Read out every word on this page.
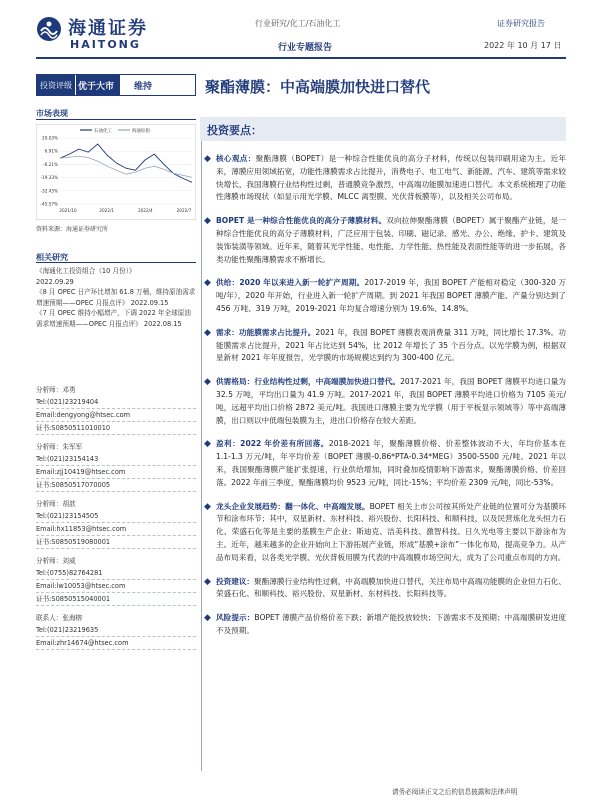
海通证券
HAITONG
行业研究/化工/石油化工
行业专题报告
证券研究报告
2022 年 10 月 17 日
投资评级 优于大市	维持	聚酯薄膜：中高端膜加快进口替代
市场表现
石油化工	海通综指
20.03%
6.91%
-6.21%
-19.33%
-32.45%
-45.57%
2021/10	2022/1	2022/4	2022/7
资料来源：海通证券研究所
相关研究
《海通化工投资组合（10 月份）》
2022.09.29
《8 月 OPEC 日产环比增加 61.8 万桶，维持原油需求增速预期——OPEC 月报点评》 2022.09.15
《7 月 OPEC 维持小幅增产，下调 2022 年全球原油需求增速预期——OPEC 月报点评》 2022.08.15
分析师：邓勇
Tel:(021)23219404
Email:dengyong@htsec.com
证书:S0850511010010
分析师：朱军军
Tel:(021)23154143
Email:zjj10419@htsec.com
证书:S0850517070005
分析师：胡歆
Tel:(021)23154505
Email:hx11853@htsec.com
证书:S0850519080001
分析师：刘威
Tel:(0755)82764281
Email:lw10053@htsec.com
证书:S0850515040001
联系人：张海榕
Tel:(021)23219635
Email:zhr14674@htsec.com
投资要点：
◆ 核心观点：聚酯薄膜（BOPET）是一种综合性能优良的高分子材料，传统以包装印刷用途为主。近年来，薄膜应用领域拓宽，功能性薄膜需求占比提升，消费电子、电工电气、新能源、汽车、建筑等需求较快增长，我国薄膜行业结构性过剩，普通膜竞争激烈，中高端功能膜加速进口替代。本文系统梳理了功能性薄膜市场现状（如显示用光学膜、MLCC 离型膜、光伏背板膜等），以及相关公司布局。
◆ BOPET 是一种综合性能优良的高分子薄膜材料。双向拉伸聚酯薄膜（BOPET）属于聚酯产业链，是一种综合性能优良的高分子薄膜材料，广泛应用于包装、印刷、磁记录、感光、办公、绝缘、护卡、建筑及装饰装潢等领域。近年来，随着其光学性能、电性能、力学性能、热性能及表面性能等的进一步拓展，各类功能性聚酯薄膜需求不断增长。
◆ 供给：2020 年以来进入新一轮扩产周期。2017-2019 年，我国 BOPET 产能相对稳定（300-320 万吨/年），2020 年开始，行业进入新一轮扩产周期。到 2021 年我国 BOPET 薄膜产能、产量分别达到了 456 万吨、319 万吨，2019-2021 年均复合增速分别为 19.6%、14.8%。
◆ 需求：功能膜需求占比提升。2021 年，我国 BOPET 薄膜表观消费量 311 万吨，同比增长 17.3%。功能膜需求占比提升，2021 年占比达到 54%，比 2012 年增长了 35 个百分点。以光学膜为例，根据双星新材 2021 年年度报告，光学膜的市场规模达到约为 300-400 亿元。
◆ 供需格局：行业结构性过剩，中高端膜加快进口替代。2017-2021 年，我国 BOPET 薄膜平均进口量为 32.5 万吨，平均出口量为 41.9 万吨。2017-2021 年，我国 BOPET 薄膜平均进口价格为 7105 美元/吨，远超平均出口价格 2872 美元/吨。我国进口薄膜主要为光学膜（用于平板显示领域等）等中高端薄膜，出口则以中低端包装膜为主，进出口价格存在较大差距。
◆ 盈利：2022 年价差有所回落。2018-2021 年，聚酯薄膜价格、价差整体波动不大，年均价基本在 1.1-1.3 万元/吨，年平均价差（BOPET 薄膜-0.86*PTA-0.34*MEG）3500-5500 元/吨。2021 年以来，我国聚酯薄膜产能扩张提速，行业供给增加，同时叠加疫情影响下游需求，聚酯薄膜价格、价差回落。2022 年前三季度，聚酯薄膜均价 9523 元/吨，同比-15%；平均价差 2309 元/吨，同比-53%。
◆ 龙头企业发展趋势：翻一体化、中高端发展。BOPET 相关上市公司按其所处产业链的位置可分为基膜环节和涂布环节；其中，双星新材、东材科技、裕兴股份、长阳科技、和顺科技，以及民营炼化龙头恒力石化、荣盛石化等是主要的基膜生产企业；斯迪克、洁美科技、激智科技、日久光电等主要以下游涂布为主。近年，越来越多的企业开始向上下游拓展产业链，形成“基膜+涂布”一体化布局，提高竞争力。从产品布局来看，以各类光学膜、光伏背板用膜为代表的中高端膜市场空间大，成为了公司重点布局的方向。
◆ 投资建议：聚酯薄膜行业结构性过剩，中高端膜加快进口替代，关注布局中高端功能膜的企业恒力石化、荣盛石化、和顺科技、裕兴股份、双星新材、东材科技、长阳科技等。
◆ 风险提示：BOPET 薄膜产品价格价差下跌；新增产能投放较快；下游需求不及预期；中高端膜研发进度不及预期。
请务必阅读正文之后的信息披露和法律声明
